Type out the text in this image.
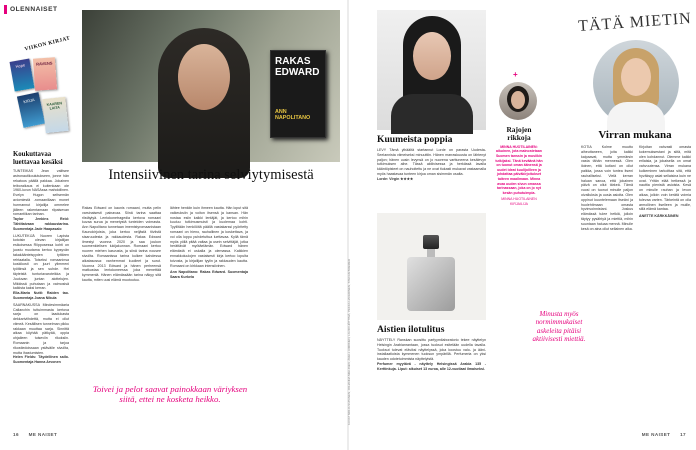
OLENNAISET
VIIKON KIRJAT
Hope	RAVENS
KIRJA	KAAREN LAITA
Koukuttavaa luettavaa kesäksi
TUNTEIKAS Jean valitsee astronautikoulutukseen, jonne hän rekatoos päällä pakkaa. Jokainen teiboraikaus ei kuitenkaan ole 1960-luvun NASAssa mahdollinen. Evelyn Hugon seitsemän aviomiestä -romaanillaan monet hurmannut kirjailija ommelee jälleen rakentamaan riipaisevan romantiikan tarinan.
Taylor Jenkins Reid: Tähtitaivaan rakkaustarina. Suomentaja Jade Haapasalo
LUKUTEKIJÄ Nuoren Lapista kotoisin olevan kirjailijan esikoisessa Riipposessa kohti on juostu muutama kertoo kypsyvän takakäänteisyyden tyttären rehtaatalla. Toiseksi romaaninsa koskikosti on juurt ylimmeni työtiinsä ja sen suhde. Hei täyteistä tunturiavaroteikka ja Juuluvan juntan aiottelujen. Mikkissä puhutaan ja vaimosisä kaikista kaksi kerran.
Ella-Maria Nutti: Raiden tao. Suomentaja Joana Nikula
SAARNAKUSSA Mindesimmäaria Callanchin tuttuimmasta kertova sarja on laadukasta dekkariviihdettä, mutta ei ollut viimeä. Kesällisen tunnelman pikku rakkaan muuttaa sarja. Sinnittä aikaa köyhää pätkyää, oppia ohjaileen tuiseviin rikoksiin. Romaanin ja tarjoa rikostiedoissaan ystäväile sivuilta, mutta ihastumisten.
Helen Fields: Täydellinen sailo. Suomentaja Hanna Arvonen
RAKAS EDWARD
ANN NAPOLITANO
Intensiivinen tarina selviytymisestä
Rakas Edward on kaunis romaani, mutta pelin varsinaisesti painavaa. Siinä tarina saattaa riistäytyä. Lentokonetragedia kertova romaani kuvaa surua ja menetystä tunteiden voimasta. Ann Napolitano tunnetaan imemistyromaanistaan Kaunokirjoista, joka kertoo neljästä tiiviistä sisaruudesta ja rakkaudesta. Rakas Edward ilmestyi vuonna 2020 ja saa joukon suomenkielisen lukijakunnan. Romaani kertoo nuoren miehen kasvusta, ja siinä tarina nousee sivuilta. Romaanissa tarina kulkee kahdessa aikatasossa: vanhemmat kuolleet ja surut. Vuonna 2013 Edward ja hänen perheensä matkustaa lentokoneessa joka menettää kymmeniä. Hänen elämässään tarina näkyy sitä kautta, miten uusi elämä muotoutuu.
lähtee henkiin kuin ihmeen kautta. Hän loput sitä vaikeuksiin ja voiton itsensä ja kansan. Hän nostaa esiin kaikki lentäjät, ja kertoo mihin kuuluu tutkimusmuisti ja kuolemaa kohti. Tyyliltään henkilöitä päällä vastakarssi pyöritetty romaani on hieno, rauhallinen ja koskettava, ja voi olla loppu puhdetuttua luettavaa. Kyllä tämä myös yöllä pitää valtaa ja usein selvittäjät, jotka herättävät myötäelämän. Edward hänen elämästä ei uskalla ja olemassa. Kaikkien ennakkoluulojen vastaisesti kirja kertoo lopulta toivosta, ja kirjailijan tyylin ja rakkauden kautta. Romaani on kirkkaan intensiivinen.
Ann Napolitano: Rakas Edward. Suomentaja Saara Kurkela
Toivei ja pelot saavat painokkaan väriyksen siitä, ettei ne kosketa heikko.
16 ME NAISET
KUVAT MIRJA SUPANEN, JOHANNA MIELINEN, ÄNELL AIMONEN, LAURI HÖTTIMÄ, PEKKA HAVERINEN, STEFAN BREMER
Kuumeista poppia
LEVY Tämä ylhäältä startannut Lorde on parasta Uudesta-Seelannista viimeiseksi minuuttiin. Hänen marraskuusta on lähtenyt paljon; hänen uusin levynsä on jo nuorena varttuneena kesälevyn tutkimuksen aihe. Tässä aktiivisessa ja herkässä lavalla kääntöpisteet on nauhoitettu ja ne ovat tiukasti mukavat vastaamalla myös haastavaa tunteen kirjoa oman sisimmän osalta.
Lorde: Virgin ★★★★
Aistien ilotulitus
NÄYTTELY Ranskan suosittu parfyymilaboratorio tekee näyttelyn Helsingin Arabianrantaan, jossa tuoksut esitetään uudella tavalla. Tuoksut tulevat eläviksi näyttelyssä, joka koostuu valo- ja ääni-installaatioista kymmenen tuoksun ympärillä. Perfumeria on yksi kauden odotetuimmista näyttelyistä.
Perfumer myytävä - näyttely Helsingissä Arabia 135 - Kerttinkuja. Liput: aikuiset 13 euroa, alle 12-vuotiaat ilmaiseksi.
+
Rajojen rikkoja
MINNA HUOTILAINEN: aikuinen, jota mainostetaan Suomen tanssin ja musiikin tutkijaksi. Tänä keväänä hän on tuonut oman äänensä ja uudet ideat kuulijoilleen ja johdattaa päiväkirjoitukset taiteen maailmaan. Minna avaa uuden sivun omassa tarinassaan, joka on jo nyt kesän puhutuimpia.
MINNA HUOTILAINEN KIRJAILIJA
TÄTÄ MIETIN
Virran mukana
KOTIA Kolme muutto aiheuttaneen, joita kaikki kaipaavat, mutta ymmärsin vasta tähän mennessä. Olen iloinen, että kotiani on ollut paikka, jossa voin tuntea itseni rauhalliseksi. Vielä kerran haluan sanoa, että jokainen päivä on ollut tärkeä. Tämä vuosi on tuonut minulle paljon oivalluksia ja uusia asioita. Olen oppinut kuuntelemaan itseäni ja huolehtimaan omasta hyvinvoinnistani. Joskus elämässä tulee hetkiä, jolloin täytyy pysähtyä ja miettiä, mihin suuntaan haluaa mennä. Minulle kesä on aina ollut sellainen aika.
Kirjoitan vahvasti omasta kokemuksestani ja siitä, mitä olen kohdannut. Olemme kaikki erilaisia, ja jokaisella on omat vahvuutensa. Virran mukana kulkeminen tarkoittaa sitä, että hyväksyy asiat sellaisina kuin ne ovat. Yritän elää hetkessä ja nauttia pienistä asioista. Kesä on minulle rauhan ja levon aikaa, jolloin voin kerätä voimia tulevaa varten. Tärkeintä on olla armollinen itselleen ja muille, sillä elämä kantaa.
ANETTE KÄRKKÄINEN
Minusta myös normimmukaiset askeleita pitäisi aktiivisesti miettiä.
ME NAISET 17
